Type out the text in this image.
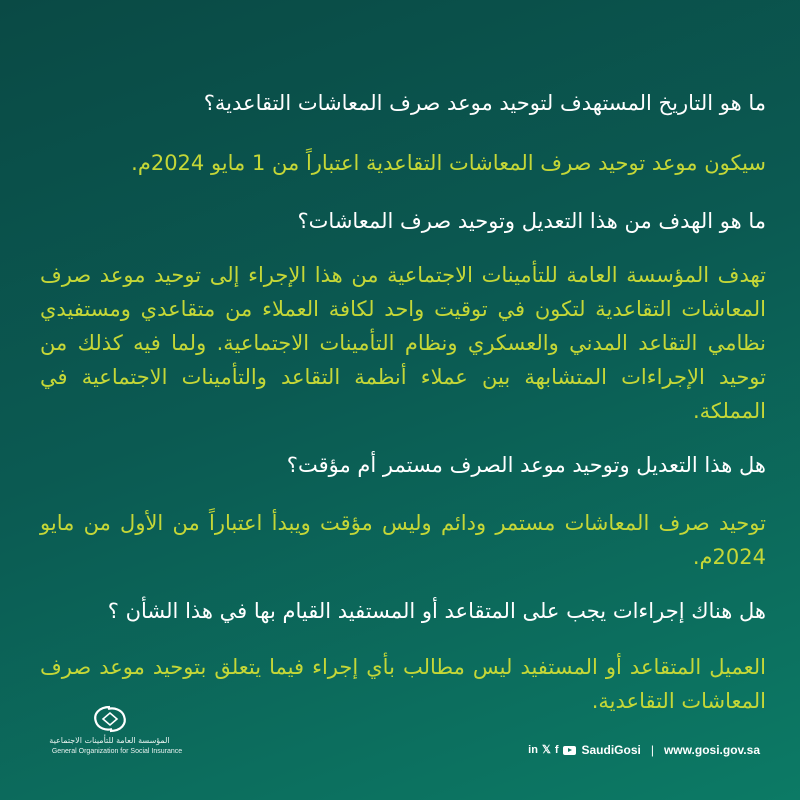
ما هو التاريخ المستهدف لتوحيد موعد صرف المعاشات التقاعدية؟

سيكون موعد توحيد صرف المعاشات التقاعدية اعتباراً من 1 مايو 2024م.

ما هو الهدف من هذا التعديل وتوحيد صرف المعاشات؟

تهدف المؤسسة العامة للتأمينات الاجتماعية من هذا الإجراء إلى توحيد موعد صرف المعاشات التقاعدية لتكون في توقيت واحد لكافة العملاء من متقاعدي ومستفيدي نظامي التقاعد المدني والعسكري ونظام التأمينات الاجتماعية. ولما فيه كذلك من توحيد الإجراءات المتشابهة بين عملاء أنظمة التقاعد والتأمينات الاجتماعية في المملكة.

هل هذا التعديل وتوحيد موعد الصرف مستمر أم مؤقت؟

توحيد صرف المعاشات مستمر ودائم وليس مؤقت ويبدأ اعتباراً من الأول من مايو 2024م.

هل هناك إجراءات يجب على المتقاعد أو المستفيد القيام بها في هذا الشأن ؟

العميل المتقاعد أو المستفيد ليس مطالب بأي إجراء فيما يتعلق بتوحيد موعد صرف المعاشات التقاعدية.

المؤسسة العامة للتأمينات الاجتماعية

General Organization for Social Insurance	in 𝕏 f SaudiGosi | www.gosi.gov.sa
